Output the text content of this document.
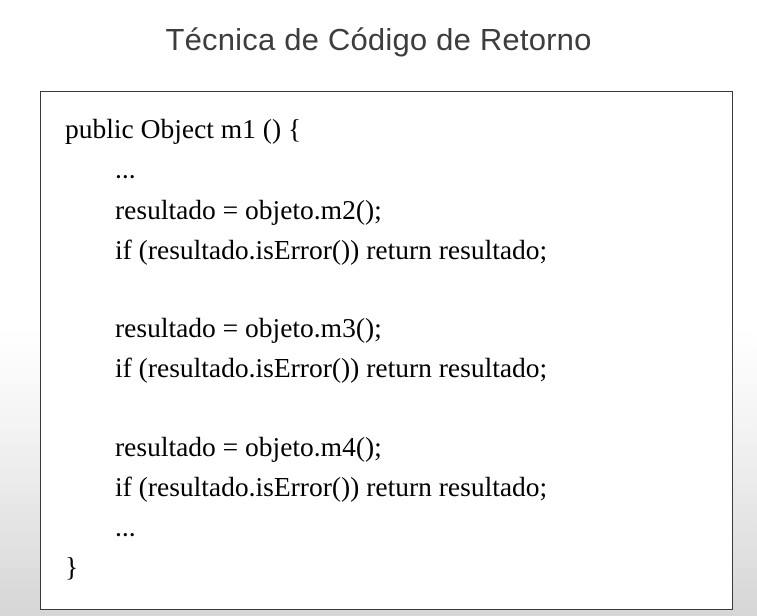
Técnica de Código de Retorno
public Object m1 () {
...
resultado = objeto.m2();
if (resultado.isError()) return resultado;
resultado = objeto.m3();
if (resultado.isError()) return resultado;
resultado = objeto.m4();
if (resultado.isError()) return resultado;
...
}
